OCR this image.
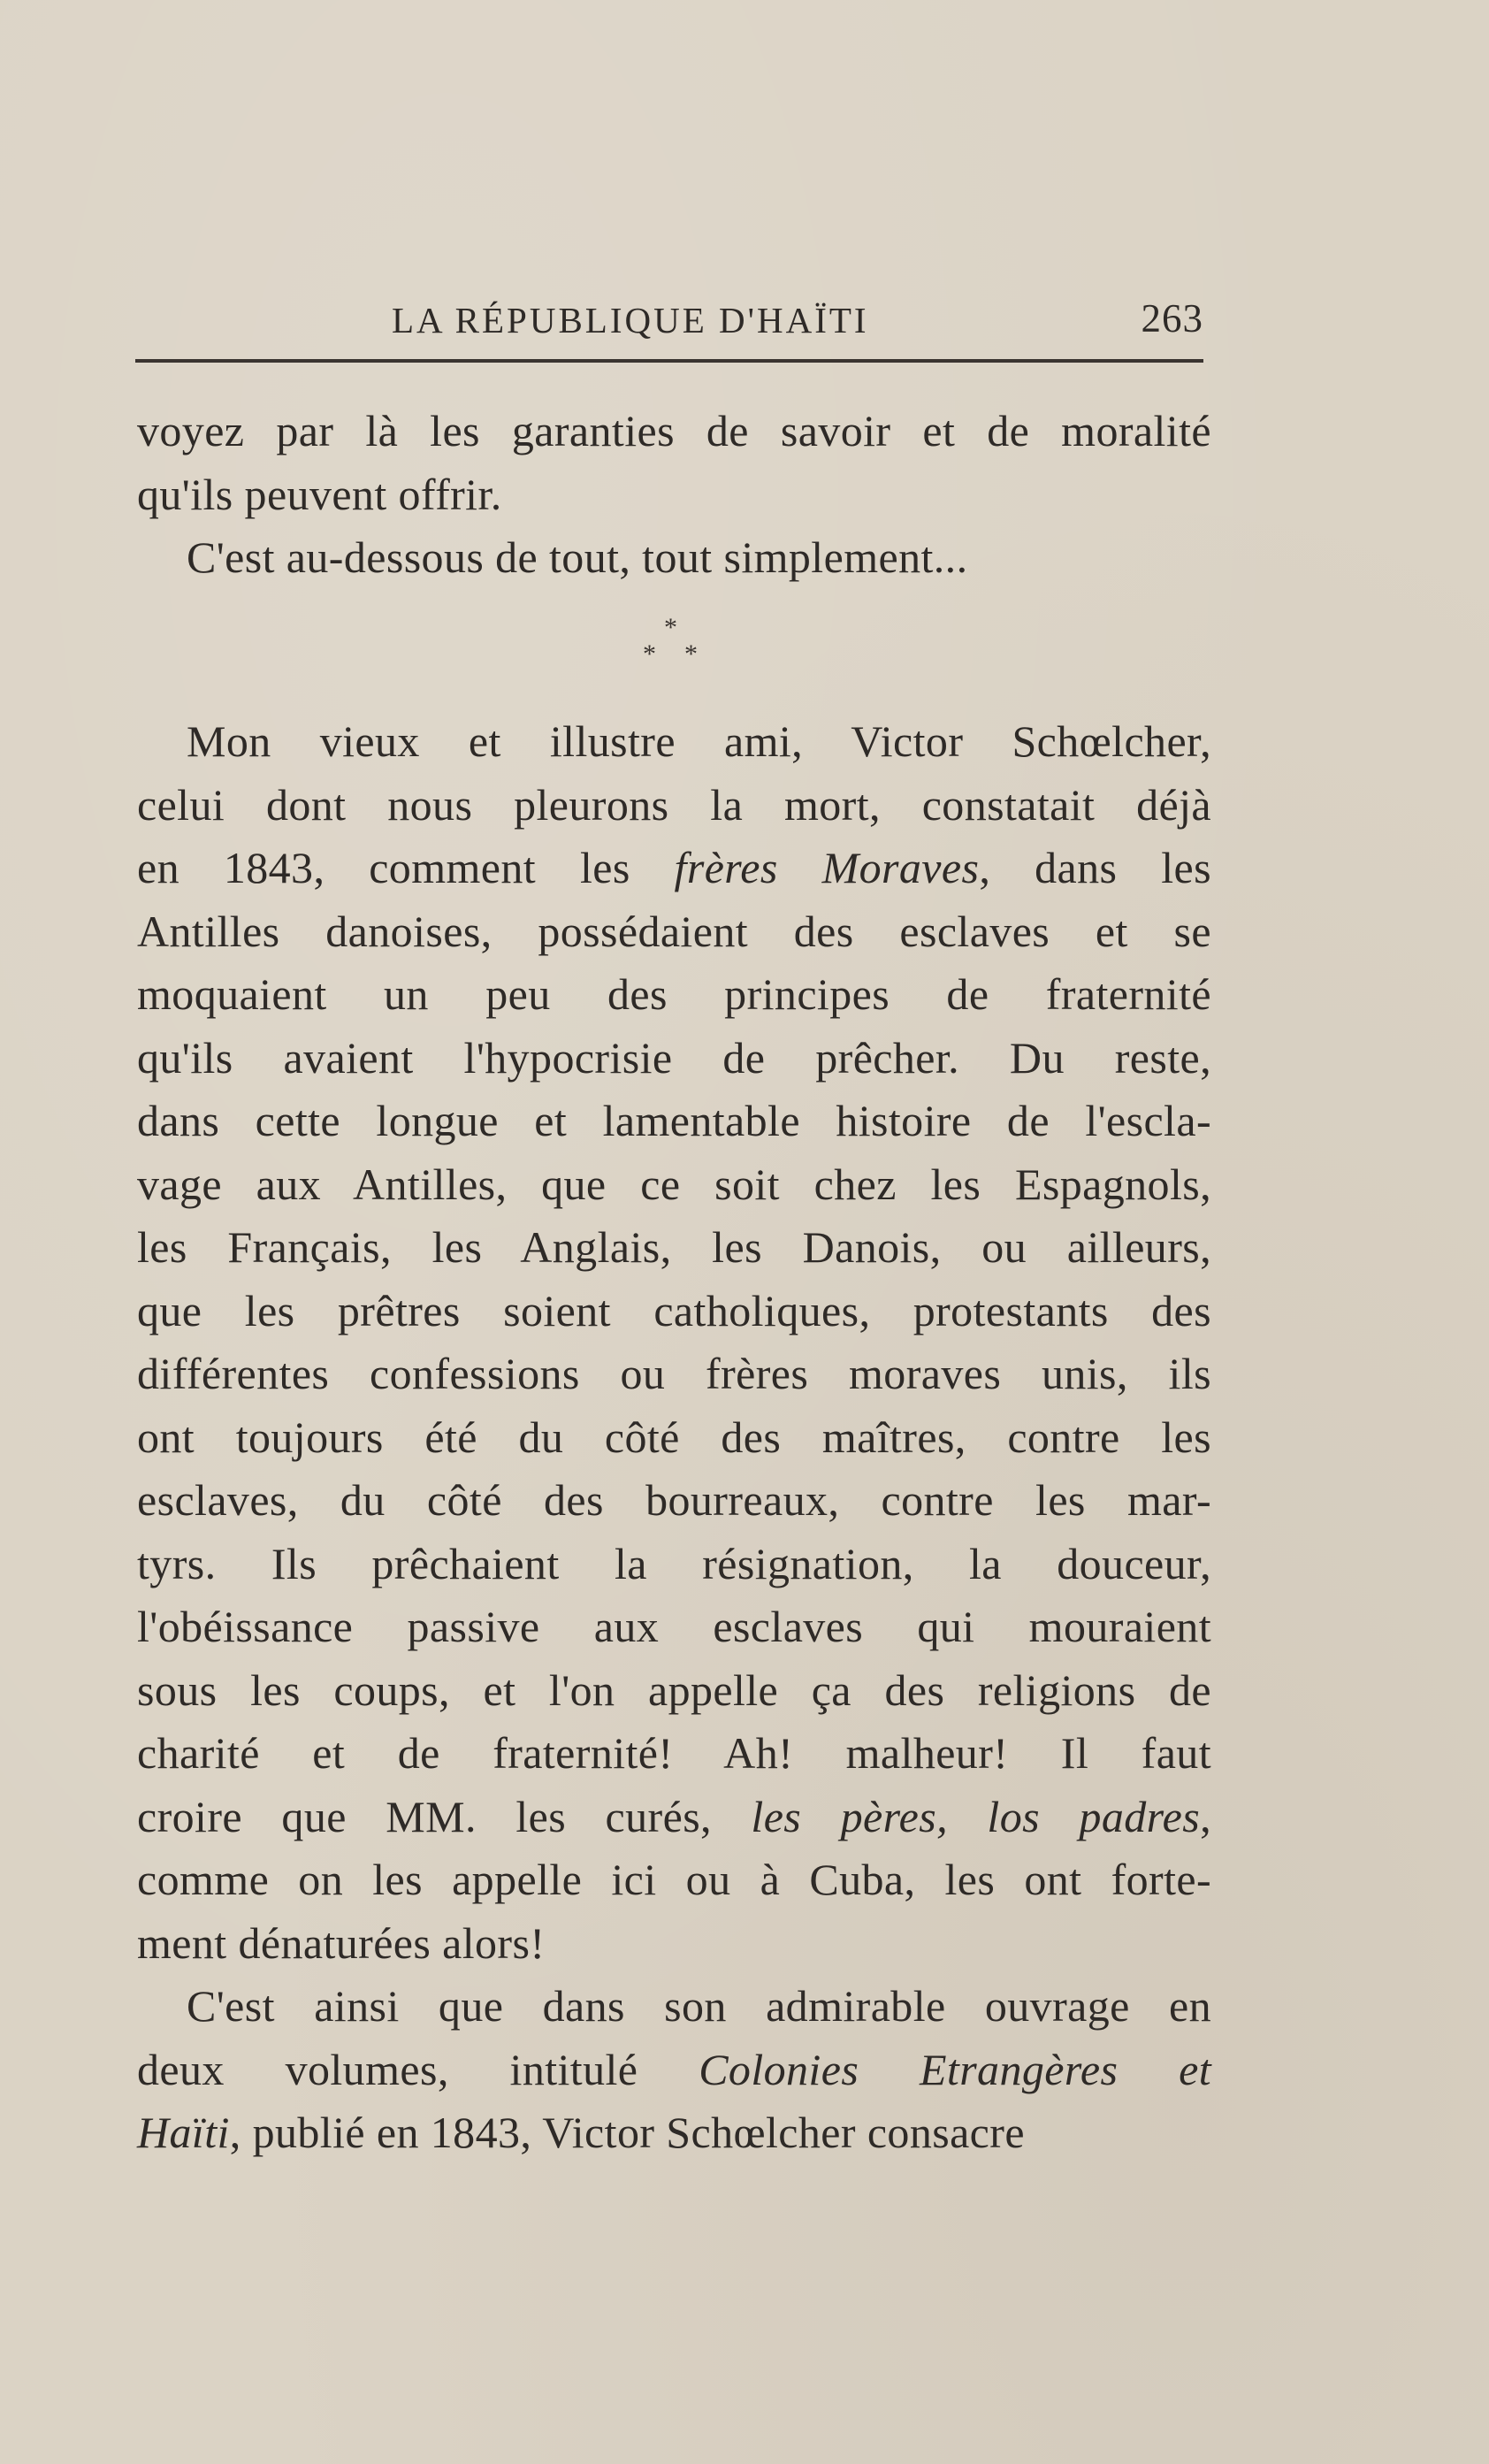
LA RÉPUBLIQUE D'HAÏTI	263
voyez par là les garanties de savoir et de moralité
qu'ils peuvent offrir.
C'est au-dessous de tout, tout simplement...
*
* *
Mon vieux et illustre ami, Victor Schœlcher,
celui dont nous pleurons la mort, constatait déjà
en 1843, comment les frères Moraves, dans les
Antilles danoises, possédaient des esclaves et se
moquaient un peu des principes de fraternité
qu'ils avaient l'hypocrisie de prêcher. Du reste,
dans cette longue et lamentable histoire de l'escla-
vage aux Antilles, que ce soit chez les Espagnols,
les Français, les Anglais, les Danois, ou ailleurs,
que les prêtres soient catholiques, protestants des
différentes confessions ou frères moraves unis, ils
ont toujours été du côté des maîtres, contre les
esclaves, du côté des bourreaux, contre les mar-
tyrs. Ils prêchaient la résignation, la douceur,
l'obéissance passive aux esclaves qui mouraient
sous les coups, et l'on appelle ça des religions de
charité et de fraternité! Ah! malheur! Il faut
croire que MM. les curés, les pères, los padres,
comme on les appelle ici ou à Cuba, les ont forte-
ment dénaturées alors!
C'est ainsi que dans son admirable ouvrage en
deux volumes, intitulé Colonies Etrangères et
Haïti, publié en 1843, Victor Schœlcher consacre
